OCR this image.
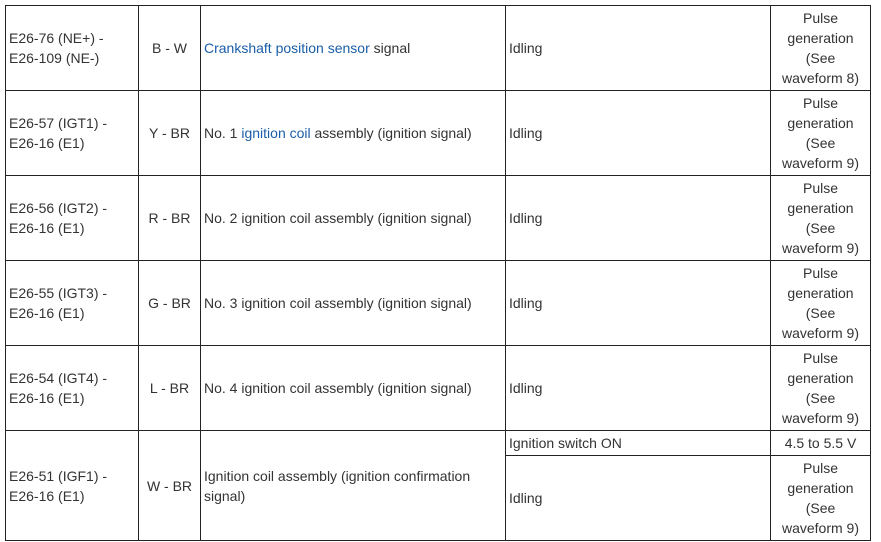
E26-76 (NE+) - E26-109 (NE-)	B - W	Crankshaft position sensor signal	Idling	Pulse generation (See waveform 8)
E26-57 (IGT1) - E26-16 (E1)	Y - BR	No. 1 ignition coil assembly (ignition signal)	Idling	Pulse generation (See waveform 9)
E26-56 (IGT2) - E26-16 (E1)	R - BR	No. 2 ignition coil assembly (ignition signal)	Idling	Pulse generation (See waveform 9)
E26-55 (IGT3) - E26-16 (E1)	G - BR	No. 3 ignition coil assembly (ignition signal)	Idling	Pulse generation (See waveform 9)
E26-54 (IGT4) - E26-16 (E1)	L - BR	No. 4 ignition coil assembly (ignition signal)	Idling	Pulse generation (See waveform 9)
E26-51 (IGF1) - E26-16 (E1)	W - BR	Ignition coil assembly (ignition confirmation signal)	Ignition switch ON	4.5 to 5.5 V
			Idling	Pulse generation (See waveform 9)
